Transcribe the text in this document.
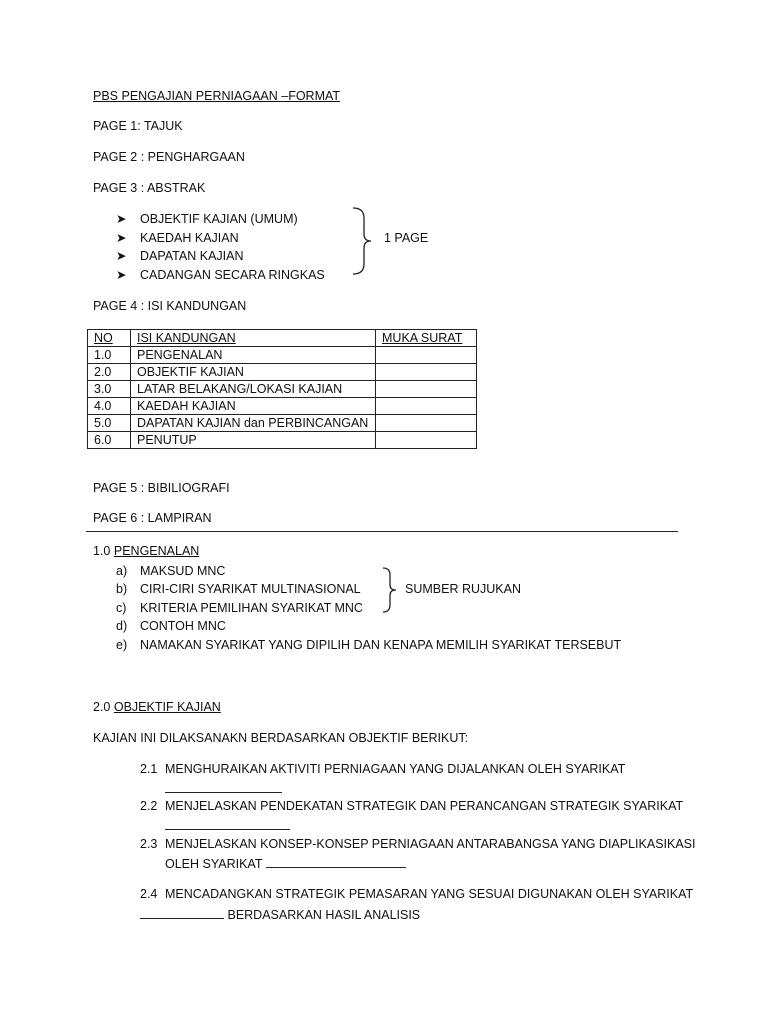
PBS PENGAJIAN PERNIAGAAN –FORMAT
PAGE 1: TAJUK
PAGE 2 : PENGHARGAAN
PAGE 3 : ABSTRAK
➤ OBJEKTIF KAJIAN (UMUM)
➤ KAEDAH KAJIAN
➤ DAPATAN KAJIAN
➤ CADANGAN SECARA RINGKAS
1 PAGE
PAGE 4 : ISI KANDUNGAN
NO	ISI KANDUNGAN	MUKA SURAT
1.0	PENGENALAN	
2.0	OBJEKTIF KAJIAN	
3.0	LATAR BELAKANG/LOKASI KAJIAN	
4.0	KAEDAH KAJIAN	
5.0	DAPATAN KAJIAN dan PERBINCANGAN	
6.0	PENUTUP	
PAGE 5 : BIBILIOGRAFI
PAGE 6 : LAMPIRAN
1.0 PENGENALAN
a) MAKSUD MNC
b) CIRI-CIRI SYARIKAT MULTINASIONAL
c) KRITERIA PEMILIHAN SYARIKAT MNC
d) CONTOH MNC
e) NAMAKAN SYARIKAT YANG DIPILIH DAN KENAPA MEMILIH SYARIKAT TERSEBUT
SUMBER RUJUKAN
2.0 OBJEKTIF KAJIAN
KAJIAN INI DILAKSANAKN BERDASARKAN OBJEKTIF BERIKUT:
2.1 MENGHURAIKAN AKTIVITI PERNIAGAAN YANG DIJALANKAN OLEH SYARIKAT
2.2 MENJELASKAN PENDEKATAN STRATEGIK DAN PERANCANGAN STRATEGIK SYARIKAT
2.3 MENJELASKAN KONSEP-KONSEP PERNIAGAAN ANTARABANGSA YANG DIAPLIKASIKASI
OLEH SYARIKAT
2.4 MENCADANGKAN STRATEGIK PEMASARAN YANG SESUAI DIGUNAKAN OLEH SYARIKAT
BERDASARKAN HASIL ANALISIS
